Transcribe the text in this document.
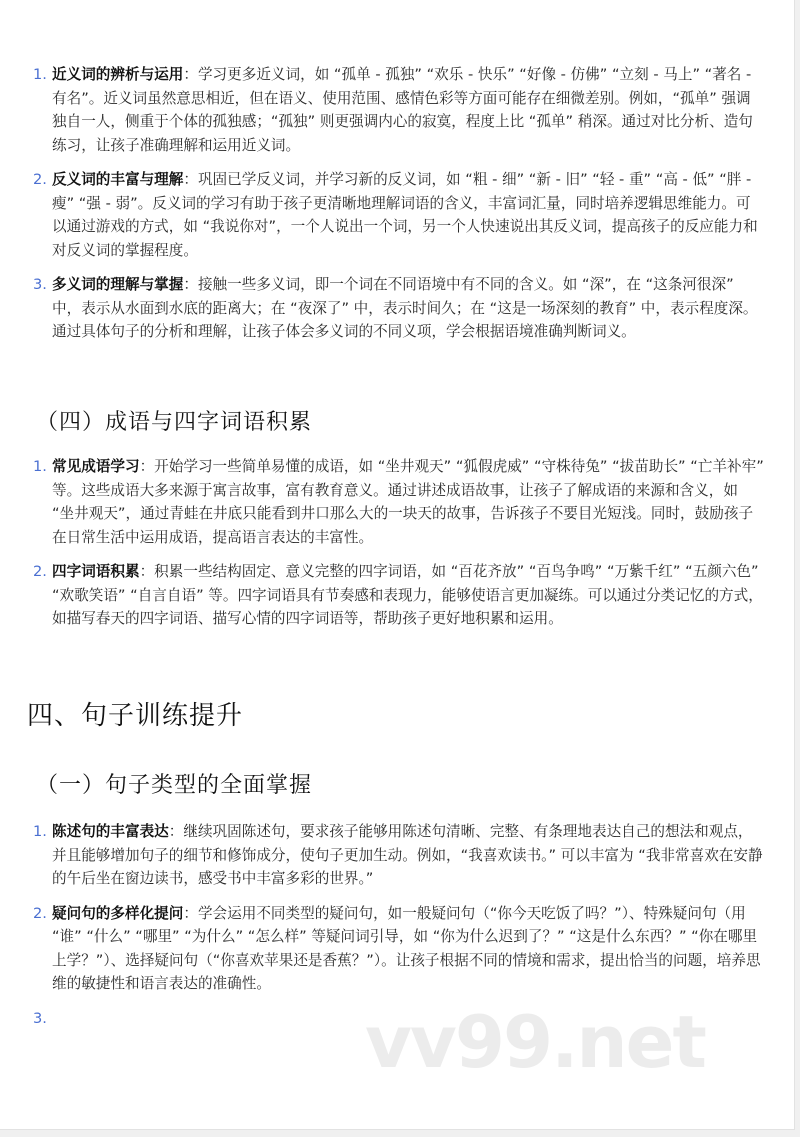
1. 近义词的辨析与运用：学习更多近义词，如 “孤单 - 孤独” “欢乐 - 快乐” “好像 - 仿佛” “立刻 - 马上” “著名 - 有名”。近义词虽然意思相近，但在语义、使用范围、感情色彩等方面可能存在细微差别。例如，“孤单” 强调独自一人，侧重于个体的孤独感；“孤独” 则更强调内心的寂寞，程度上比 “孤单” 稍深。通过对比分析、造句练习，让孩子准确理解和运用近义词。
2. 反义词的丰富与理解：巩固已学反义词，并学习新的反义词，如 “粗 - 细” “新 - 旧” “轻 - 重” “高 - 低” “胖 - 瘦” “强 - 弱”。反义词的学习有助于孩子更清晰地理解词语的含义，丰富词汇量，同时培养逻辑思维能力。可以通过游戏的方式，如 “我说你对”，一个人说出一个词，另一个人快速说出其反义词，提高孩子的反应能力和对反义词的掌握程度。
3. 多义词的理解与掌握：接触一些多义词，即一个词在不同语境中有不同的含义。如 “深”，在 “这条河很深” 中，表示从水面到水底的距离大；在 “夜深了” 中，表示时间久；在 “这是一场深刻的教育” 中，表示程度深。通过具体句子的分析和理解，让孩子体会多义词的不同义项，学会根据语境准确判断词义。
（四）成语与四字词语积累
1. 常见成语学习：开始学习一些简单易懂的成语，如 “坐井观天” “狐假虎威” “守株待兔” “拔苗助长” “亡羊补牢” 等。这些成语大多来源于寓言故事，富有教育意义。通过讲述成语故事，让孩子了解成语的来源和含义，如 “坐井观天”，通过青蛙在井底只能看到井口那么大的一块天的故事，告诉孩子不要目光短浅。同时，鼓励孩子在日常生活中运用成语，提高语言表达的丰富性。
2. 四字词语积累：积累一些结构固定、意义完整的四字词语，如 “百花齐放” “百鸟争鸣” “万紫千红” “五颜六色” “欢歌笑语” “自言自语” 等。四字词语具有节奏感和表现力，能够使语言更加凝练。可以通过分类记忆的方式，如描写春天的四字词语、描写心情的四字词语等，帮助孩子更好地积累和运用。
四、句子训练提升
（一）句子类型的全面掌握
1. 陈述句的丰富表达：继续巩固陈述句，要求孩子能够用陈述句清晰、完整、有条理地表达自己的想法和观点，并且能够增加句子的细节和修饰成分，使句子更加生动。例如，“我喜欢读书。” 可以丰富为 “我非常喜欢在安静的午后坐在窗边读书，感受书中丰富多彩的世界。”
2. 疑问句的多样化提问：学会运用不同类型的疑问句，如一般疑问句（“你今天吃饭了吗？”）、特殊疑问句（用 “谁” “什么” “哪里” “为什么” “怎么样” 等疑问词引导，如 “你为什么迟到了？” “这是什么东西？” “你在哪里上学？”）、选择疑问句（“你喜欢苹果还是香蕉？”）。让孩子根据不同的情境和需求，提出恰当的问题，培养思维的敏捷性和语言表达的准确性。
3.	vv99.net
